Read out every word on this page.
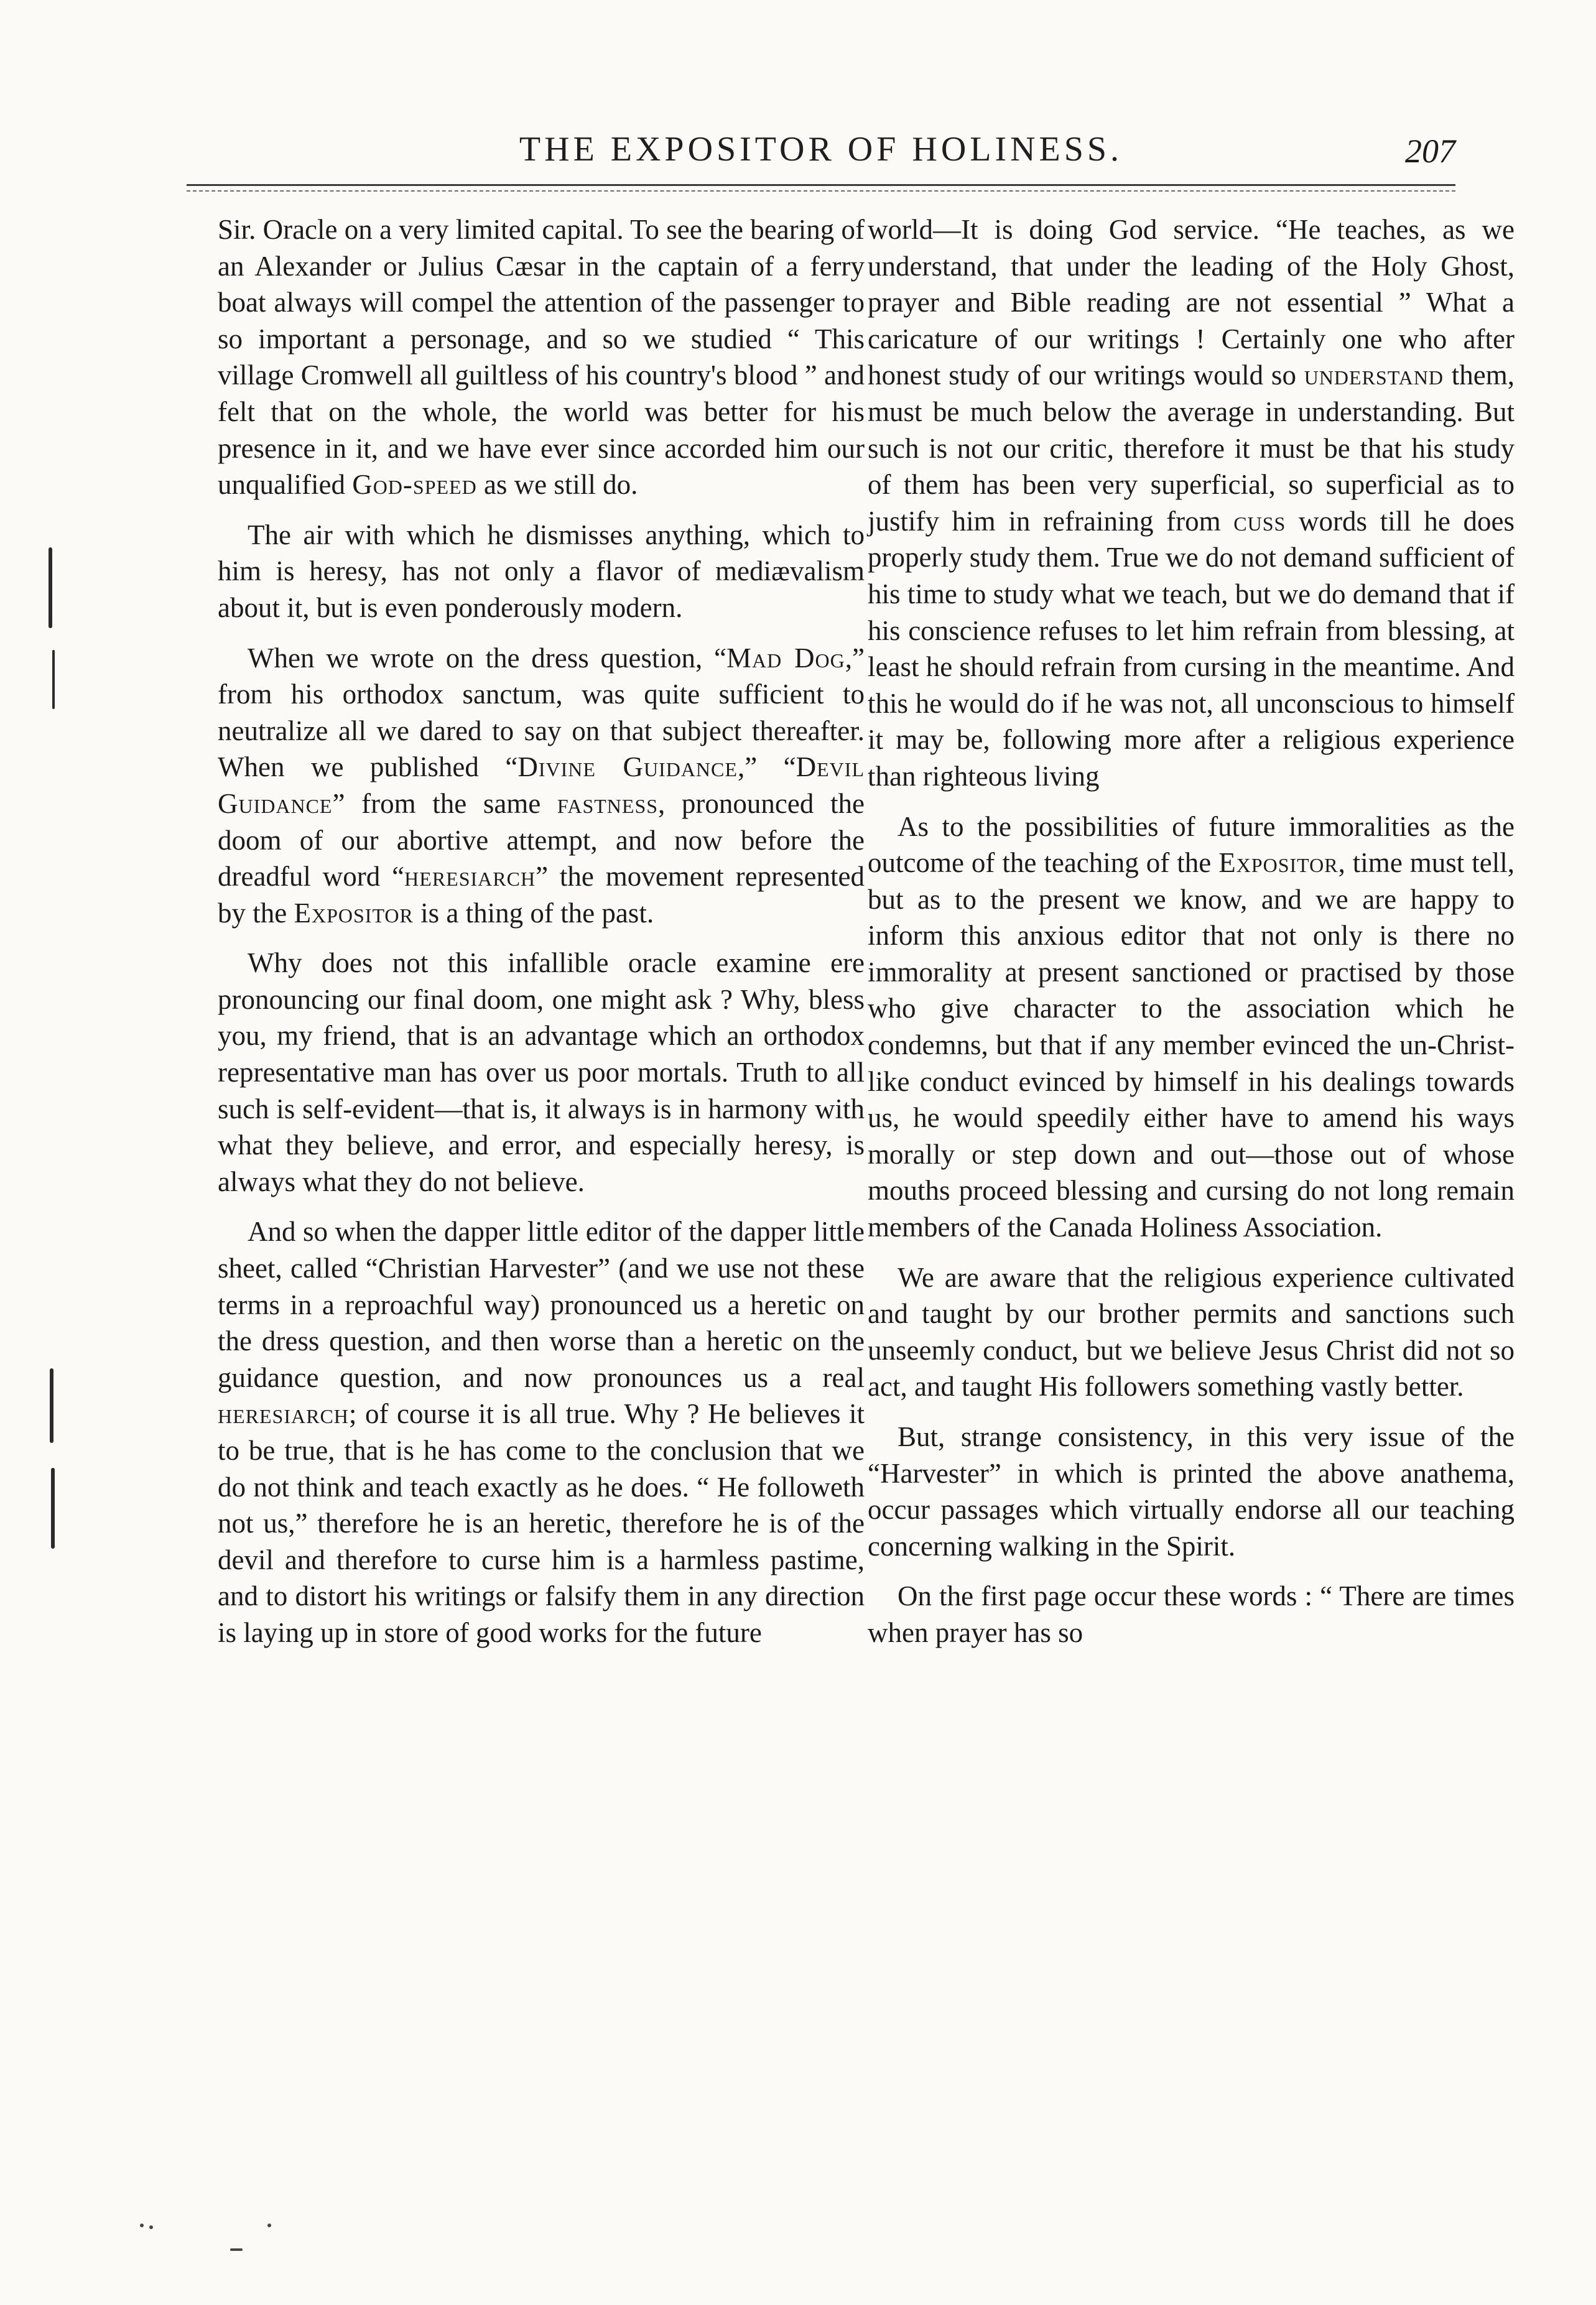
THE EXPOSITOR OF HOLINESS.	207

Sir. Oracle on a very limited capital. To see the bearing of an Alexander or Julius Cæsar in the captain of a ferry boat always will compel the attention of the passenger to so important a personage, and so we studied “ This village Cromwell all guiltless of his country's blood ” and felt that on the whole, the world was better for his presence in it, and we have ever since accorded him our unqualified God-speed as we still do.

The air with which he dismisses anything, which to him is heresy, has not only a flavor of mediævalism about it, but is even ponderously modern.

When we wrote on the dress question, “Mad Dog,” from his orthodox sanctum, was quite sufficient to neutralize all we dared to say on that subject thereafter. When we published “Divine Guidance,” “Devil Guidance” from the same fastness, pronounced the doom of our abortive attempt, and now before the dreadful word “heresiarch” the movement represented by the Expositor is a thing of the past.

Why does not this infallible oracle examine ere pronouncing our final doom, one might ask ? Why, bless you, my friend, that is an advantage which an orthodox representative man has over us poor mortals. Truth to all such is self-evident—that is, it always is in harmony with what they believe, and error, and especially heresy, is always what they do not believe.

And so when the dapper little editor of the dapper little sheet, called “Christian Harvester” (and we use not these terms in a reproachful way) pronounced us a heretic on the dress question, and then worse than a heretic on the guidance question, and now pronounces us a real heresiarch; of course it is all true. Why ? He believes it to be true, that is he has come to the conclusion that we do not think and teach exactly as he does. “ He followeth not us,” therefore he is an heretic, therefore he is of the devil and therefore to curse him is a harmless pastime, and to distort his writings or falsify them in any direction is laying up in store of good works for the future

world—It is doing God service. “He teaches, as we understand, that under the leading of the Holy Ghost, prayer and Bible reading are not essential ” What a caricature of our writings ! Certainly one who after honest study of our writings would so understand them, must be much below the average in understanding. But such is not our critic, therefore it must be that his study of them has been very superficial, so superficial as to justify him in refraining from cuss words till he does properly study them. True we do not demand sufficient of his time to study what we teach, but we do demand that if his conscience refuses to let him refrain from blessing, at least he should refrain from cursing in the meantime. And this he would do if he was not, all unconscious to himself it may be, following more after a religious experience than righteous living

As to the possibilities of future immoralities as the outcome of the teaching of the Expositor, time must tell, but as to the present we know, and we are happy to inform this anxious editor that not only is there no immorality at present sanctioned or practised by those who give character to the association which he condemns, but that if any member evinced the un-Christ-like conduct evinced by himself in his dealings towards us, he would speedily either have to amend his ways morally or step down and out—those out of whose mouths proceed blessing and cursing do not long remain members of the Canada Holiness Association.

We are aware that the religious experience cultivated and taught by our brother permits and sanctions such unseemly conduct, but we believe Jesus Christ did not so act, and taught His followers something vastly better.

But, strange consistency, in this very issue of the “Harvester” in which is printed the above anathema, occur passages which virtually endorse all our teaching concerning walking in the Spirit.

On the first page occur these words : “ There are times when prayer has so
